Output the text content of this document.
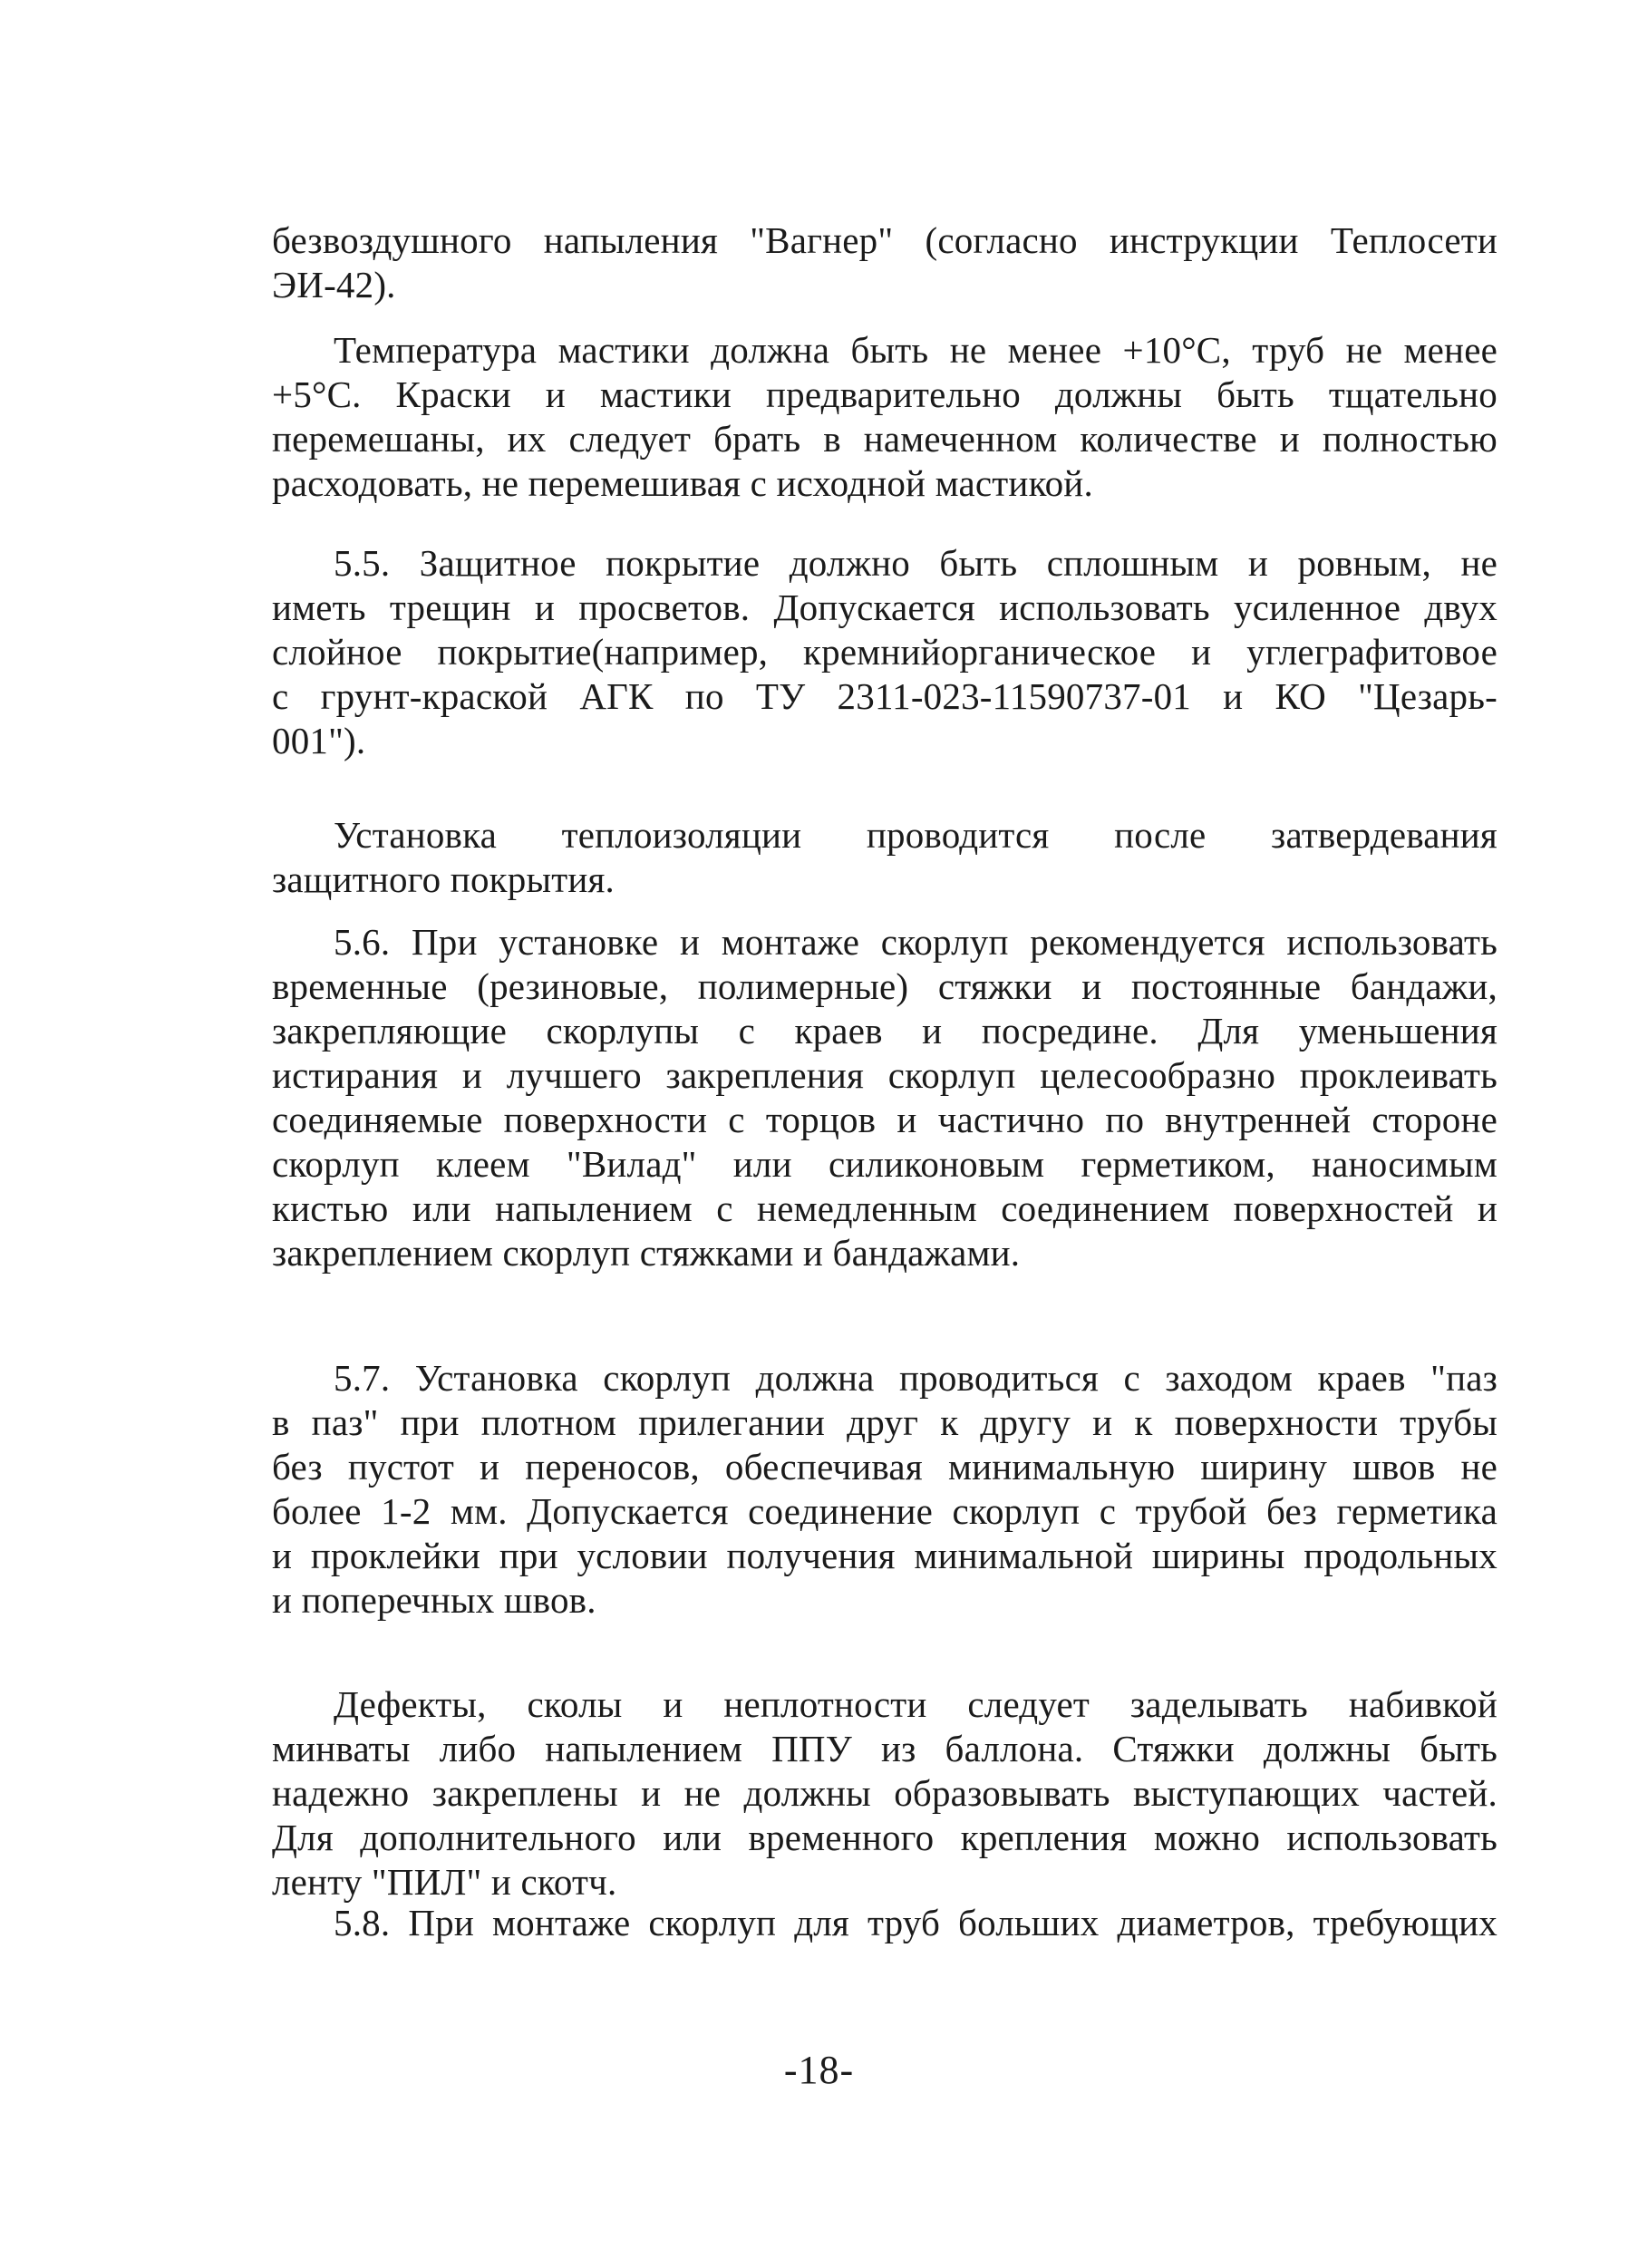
безвоздушного напыления "Вагнер" (согласно инструкции Теплосети
ЭИ-42).
Температура мастики должна быть не менее +10°С, труб не менее
+5°С. Краски и мастики предварительно должны быть тщательно
перемешаны, их следует брать в намеченном количестве и полностью
расходовать, не перемешивая с исходной мастикой.
5.5. Защитное покрытие должно быть сплошным и ровным, не
иметь трещин и просветов. Допускается использовать усиленное двух
слойное покрытие(например, кремнийорганическое и углеграфитовое
с грунт-краской АГК по ТУ 2311-023-11590737-01 и КО "Цезарь-
001").
Установка теплоизоляции проводится после затвердевания
защитного покрытия.
5.6. При установке и монтаже скорлуп рекомендуется использовать
временные (резиновые, полимерные) стяжки и постоянные бандажи,
закрепляющие скорлупы с краев и посредине. Для уменьшения
истирания и лучшего закрепления скорлуп целесообразно проклеивать
соединяемые поверхности с торцов и частично по внутренней стороне
скорлуп клеем "Вилад" или силиконовым герметиком, наносимым
кистью или напылением с немедленным соединением поверхностей и
закреплением скорлуп стяжками и бандажами.
5.7. Установка скорлуп должна проводиться с заходом краев "паз
в паз" при плотном прилегании друг к другу и к поверхности трубы
без пустот и переносов, обеспечивая минимальную ширину швов не
более 1-2 мм. Допускается соединение скорлуп с трубой без герметика
и проклейки при условии получения минимальной ширины продольных
и поперечных швов.
Дефекты, сколы и неплотности следует заделывать набивкой
минваты либо напылением ППУ из баллона. Стяжки должны быть
надежно закреплены и не должны образовывать выступающих частей.
Для дополнительного или временного крепления можно использовать
ленту "ПИЛ" и скотч.
5.8. При монтаже скорлуп для труб больших диаметров, требующих
-18-
